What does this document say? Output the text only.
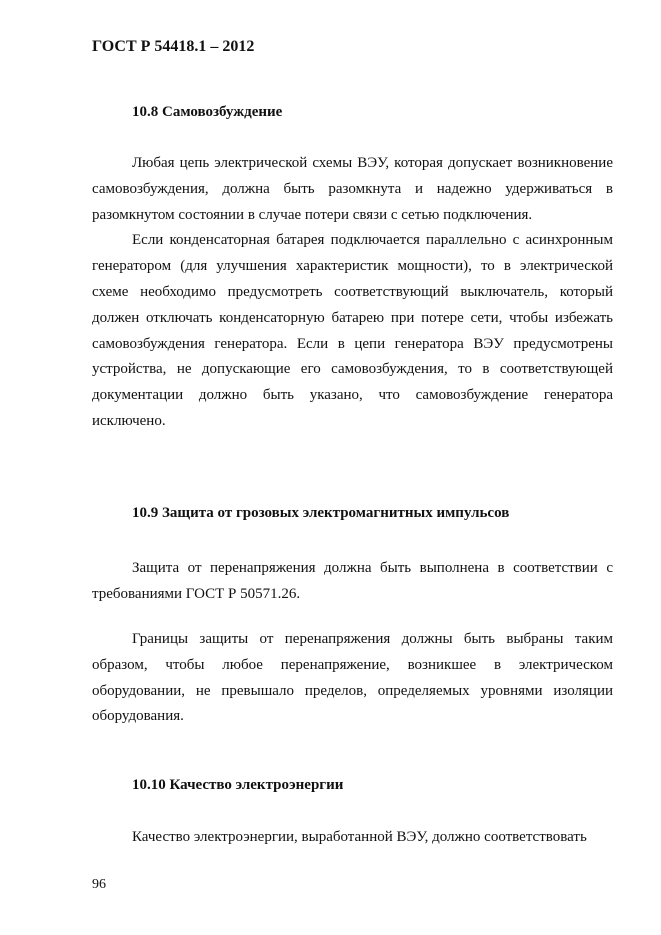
ГОСТ Р 54418.1 – 2012
10.8 Самовозбуждение

Любая цепь электрической схемы ВЭУ, которая допускает возникновение самовозбуждения, должна быть разомкнута и надежно удерживаться в разомкнутом состоянии в случае потери связи с сетью подключения.

Если конденсаторная батарея подключается параллельно с асинхронным генератором (для улучшения характеристик мощности), то в электрической схеме необходимо предусмотреть соответствующий выключатель, который должен отключать конденсаторную батарею при потере сети, чтобы избежать самовозбуждения генератора. Если в цепи генератора ВЭУ предусмотрены устройства, не допускающие его самовозбуждения, то в соответствующей документации должно быть указано, что самовозбуждение генератора исключено.

10.9 Защита от грозовых электромагнитных импульсов

Защита от перенапряжения должна быть выполнена в соответствии с требованиями ГОСТ Р 50571.26.

Границы защиты от перенапряжения должны быть выбраны таким образом, чтобы любое перенапряжение, возникшее в электрическом оборудовании, не превышало пределов, определяемых уровнями изоляции оборудования.

10.10 Качество электроэнергии

Качество электроэнергии, выработанной ВЭУ, должно соответствовать

96
